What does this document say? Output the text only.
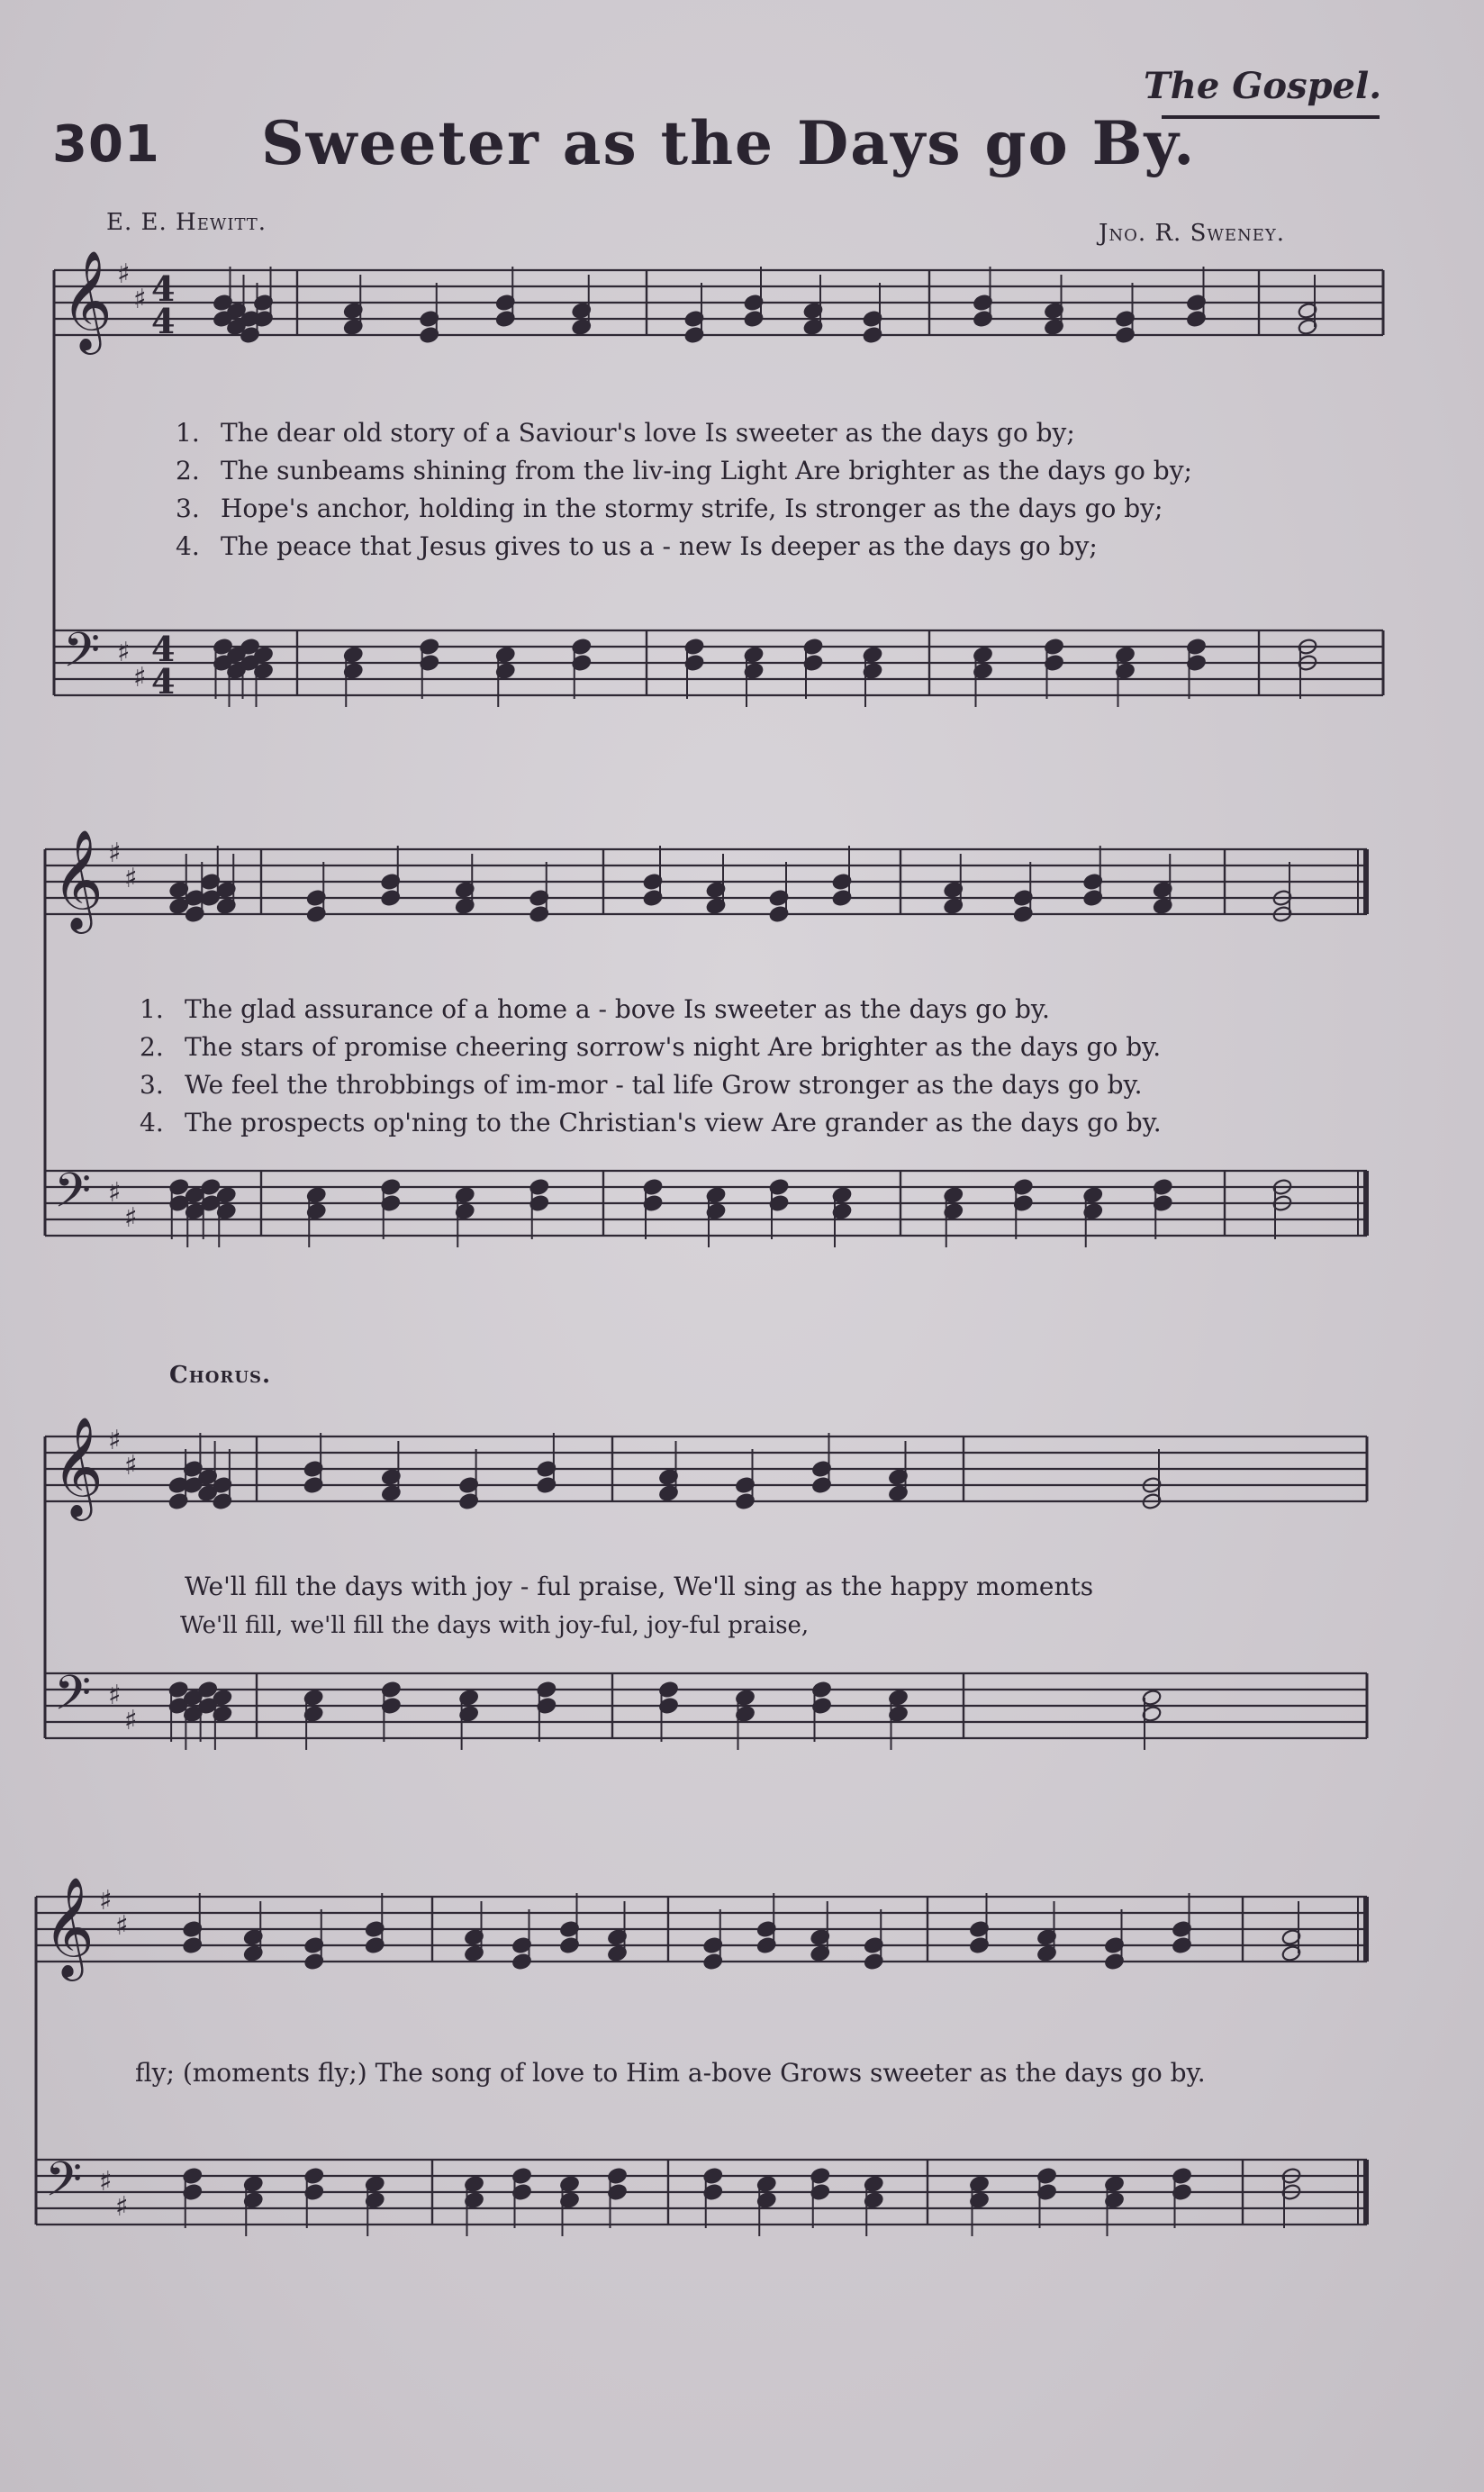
The Gospel.
301 Sweeter as the Days go By.
E. E. Hewitt.	Jno. R. Sweney.
𝄞
𝄢
♯
♯
♯
♯
4
4
4
4
𝄞
𝄢
♯
♯
♯
♯
𝄞
𝄢
♯
♯
♯
♯
𝄞
𝄢
♯
♯
♯
♯
1. The dear old story of a Saviour's love Is sweeter as the days go by;
2. The sunbeams shining from the liv-ing Light Are brighter as the days go by;
3. Hope's anchor, holding in the stormy strife, Is stronger as the days go by;
4. The peace that Jesus gives to us a - new Is deeper as the days go by;
1. The glad assurance of a home a - bove Is sweeter as the days go by.
2. The stars of promise cheering sorrow's night Are brighter as the days go by.
3. We feel the throbbings of im-mor - tal life Grow stronger as the days go by.
4. The prospects op'ning to the Christian's view Are grander as the days go by.
Chorus.
We'll fill the days with joy - ful praise, We'll sing as the happy moments
We'll fill, we'll fill the days with joy-ful, joy-ful praise,
fly; (moments fly;) The song of love to Him a-bove Grows sweeter as the days go by.
